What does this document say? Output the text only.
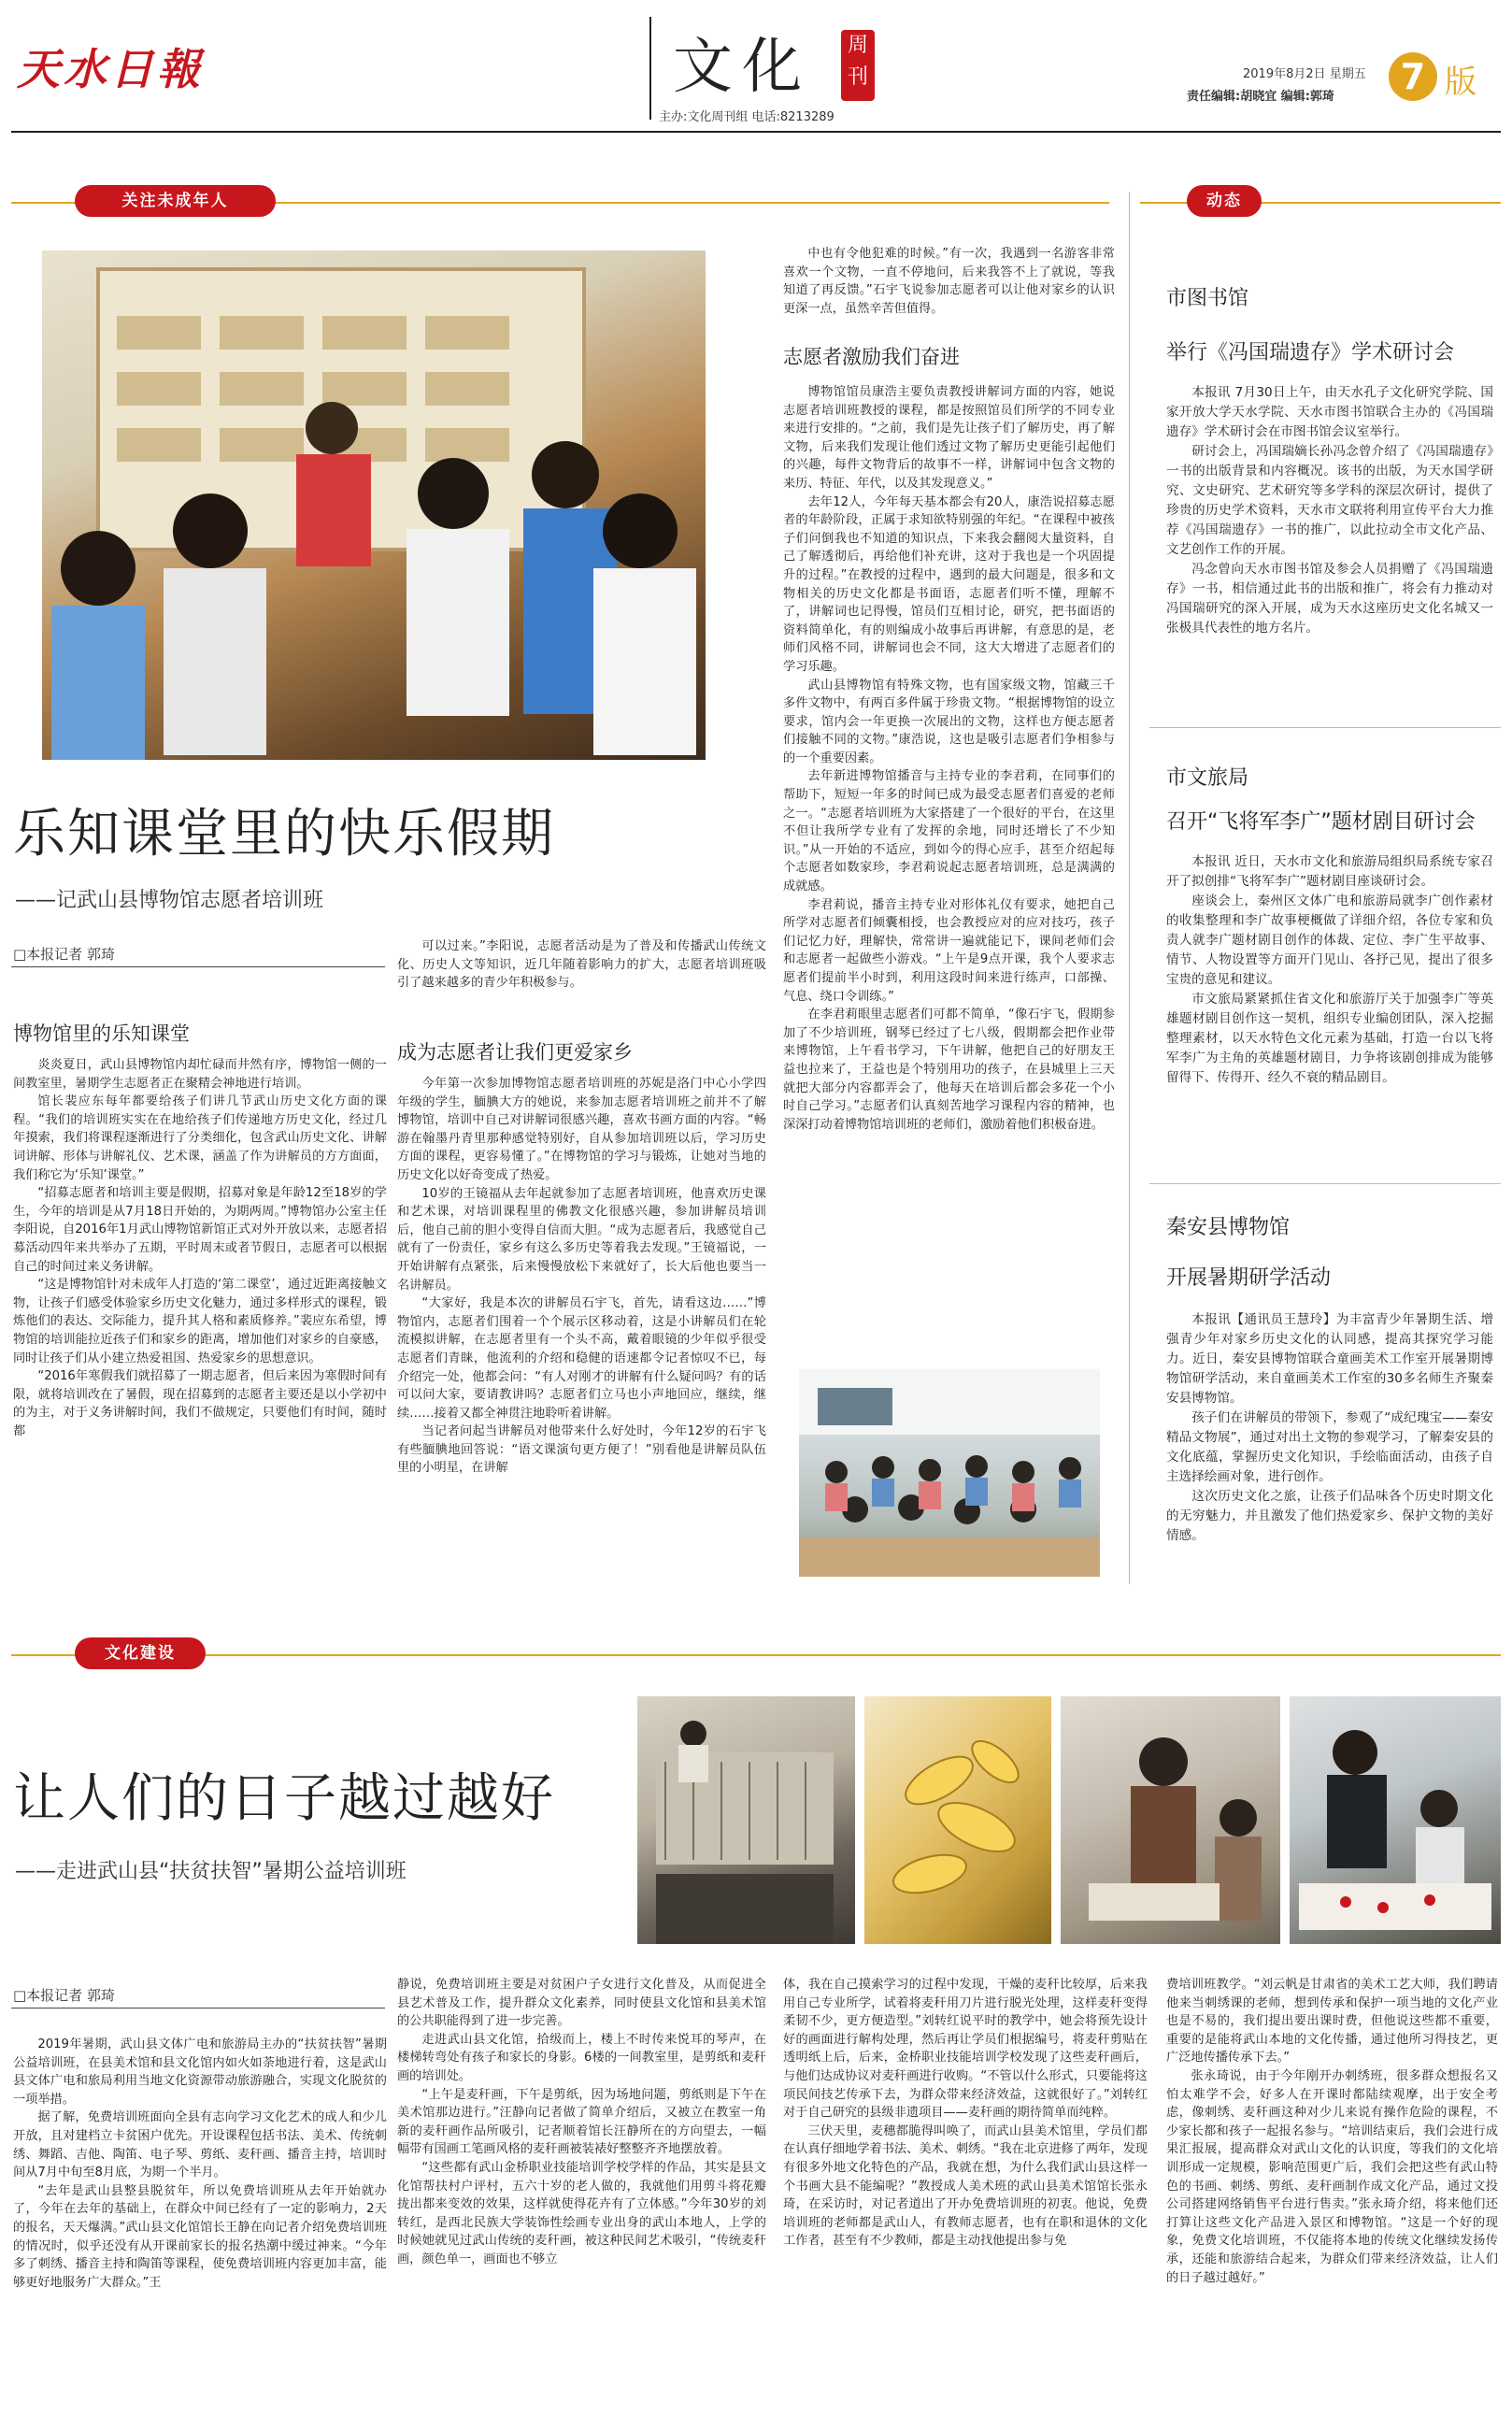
天水日報	文化	周刊
主办:文化周刊组 电话:8213289
2019年8月2日 星期五
责任编辑:胡晓宜 编辑:郭琦	7 版
关注未成年人
乐知课堂里的快乐假期
——记武山县博物馆志愿者培训班
□本报记者 郭琦
博物馆里的乐知课堂

炎炎夏日，武山县博物馆内却忙碌而井然有序，博物馆一侧的一间教室里，暑期学生志愿者正在聚精会神地进行培训。

馆长裴应东每年都要给孩子们讲几节武山历史文化方面的课程。“我们的培训班实实在在地给孩子们传递地方历史文化，经过几年摸索，我们将课程逐渐进行了分类细化，包含武山历史文化、讲解词讲解、形体与讲解礼仪、艺术课，涵盖了作为讲解员的方方面面，我们称它为‘乐知’课堂。”

“招募志愿者和培训主要是假期，招募对象是年龄12至18岁的学生，今年的培训是从7月18日开始的，为期两周。”博物馆办公室主任李阳说，自2016年1月武山博物馆新馆正式对外开放以来，志愿者招募活动四年来共举办了五期，平时周末或者节假日，志愿者可以根据自己的时间过来义务讲解。

“这是博物馆针对未成年人打造的‘第二课堂’，通过近距离接触文物，让孩子们感受体验家乡历史文化魅力，通过多样形式的课程，锻炼他们的表达、交际能力，提升其人格和素质修养。”裴应东希望，博物馆的培训能拉近孩子们和家乡的距离，增加他们对家乡的自豪感，同时让孩子们从小建立热爱祖国、热爱家乡的思想意识。

“2016年寒假我们就招募了一期志愿者，但后来因为寒假时间有限，就将培训改在了暑假，现在招募到的志愿者主要还是以小学初中的为主，对于义务讲解时间，我们不做规定，只要他们有时间，随时都

可以过来。”李阳说，志愿者活动是为了普及和传播武山传统文化、历史人文等知识，近几年随着影响力的扩大，志愿者培训班吸引了越来越多的青少年积极参与。

成为志愿者让我们更爱家乡

今年第一次参加博物馆志愿者培训班的苏妮是洛门中心小学四年级的学生，腼腆大方的她说，来参加志愿者培训班之前并不了解博物馆，培训中自己对讲解词很感兴趣，喜欢书画方面的内容。“畅游在翰墨丹青里那种感觉特别好，自从参加培训班以后，学习历史方面的课程，更容易懂了。”在博物馆的学习与锻炼，让她对当地的历史文化以好奇变成了热爱。

10岁的王镜福从去年起就参加了志愿者培训班，他喜欢历史课和艺术课，对培训课程里的佛教文化很感兴趣，参加讲解员培训后，他自己前的胆小变得自信而大胆。“成为志愿者后，我感觉自己就有了一份责任，家乡有这么多历史等着我去发现。”王镜福说，一开始讲解有点紧张，后来慢慢放松下来就好了，长大后他也要当一名讲解员。

“大家好，我是本次的讲解员石宇飞，首先，请看这边……”博物馆内，志愿者们围着一个个展示区移动着，这是小讲解员们在轮流模拟讲解，在志愿者里有一个头不高，戴着眼镜的少年似乎很受志愿者们青睐，他流利的介绍和稳健的语速都令记者惊叹不已，每介绍完一处，他都会问：“有人对刚才的讲解有什么疑问吗？有的话可以问大家，要请教讲吗？志愿者们立马也小声地回应，继续，继续……接着又都全神贯注地聆听着讲解。

当记者问起当讲解员对他带来什么好处时，今年12岁的石宇飞有些腼腆地回答说：“语文课演句更方便了！”别看他是讲解员队伍里的小明星，在讲解

中也有令他犯难的时候。”有一次，我遇到一名游客非常喜欢一个文物，一直不停地问，后来我答不上了就说，等我知道了再反馈。”石宇飞说参加志愿者可以让他对家乡的认识更深一点，虽然辛苦但值得。

志愿者激励我们奋进

博物馆馆员康浩主要负责教授讲解词方面的内容，她说志愿者培训班教授的课程，都是按照馆员们所学的不同专业来进行安排的。“之前，我们是先让孩子们了解历史，再了解文物，后来我们发现让他们透过文物了解历史更能引起他们的兴趣，每件文物背后的故事不一样，讲解词中包含文物的来历、特征、年代，以及其发现意义。”

去年12人，今年每天基本都会有20人，康浩说招募志愿者的年龄阶段，正属于求知欲特别强的年纪。“在课程中被孩子们问倒我也不知道的知识点，下来我会翻阅大量资料，自己了解透彻后，再给他们补充讲，这对于我也是一个巩固提升的过程。”在教授的过程中，遇到的最大问题是，很多和文物相关的历史文化都是书面语，志愿者们听不懂，理解不了，讲解词也记得慢，馆员们互相讨论，研究，把书面语的资料简单化，有的则编成小故事后再讲解，有意思的是，老师们风格不同，讲解词也会不同，这大大增进了志愿者们的学习乐趣。

武山县博物馆有特殊文物，也有国家级文物，馆藏三千多件文物中，有两百多件属于珍贵文物。“根据博物馆的设立要求，馆内会一年更换一次展出的文物，这样也方便志愿者们接触不同的文物。”康浩说，这也是吸引志愿者们争相参与的一个重要因素。

去年新进博物馆播音与主持专业的李君莉，在同事们的帮助下，短短一年多的时间已成为最受志愿者们喜爱的老师之一。“志愿者培训班为大家搭建了一个很好的平台，在这里不但让我所学专业有了发挥的余地，同时还增长了不少知识。”从一开始的不适应，到如今的得心应手，甚至介绍起每个志愿者如数家珍，李君莉说起志愿者培训班，总是满满的成就感。

李君莉说，播音主持专业对形体礼仪有要求，她把自己所学对志愿者们倾囊相授，也会教授应对的应对技巧，孩子们记忆力好，理解快，常常讲一遍就能记下，课间老师们会和志愿者一起做些小游戏。“上午是9点开课，我个人要求志愿者们提前半小时到，利用这段时间来进行练声，口部操、气息、绕口令训练。”

在李君莉眼里志愿者们可都不简单，“像石宇飞，假期参加了不少培训班，钢琴已经过了七八级，假期都会把作业带来博物馆，上午看书学习，下午讲解，他把自己的好朋友王益也拉来了，王益也是个特别用功的孩子，在县城里上三天就把大部分内容都弄会了，他每天在培训后都会多花一个小时自己学习。”志愿者们认真刻苦地学习课程内容的精神，也深深打动着博物馆培训班的老师们，激励着他们积极奋进。

动态
市图书馆
举行《冯国瑞遗存》学术研讨会

本报讯 7月30日上午，由天水孔子文化研究学院、国家开放大学天水学院、天水市图书馆联合主办的《冯国瑞遗存》学术研讨会在市图书馆会议室举行。

研讨会上，冯国瑞嫡长孙冯念曾介绍了《冯国瑞遗存》一书的出版背景和内容概况。该书的出版，为天水国学研究、文史研究、艺术研究等多学科的深层次研讨，提供了珍贵的历史学术资料，天水市文联将利用宣传平台大力推荐《冯国瑞遗存》一书的推广，以此拉动全市文化产品、文艺创作工作的开展。

冯念曾向天水市图书馆及参会人员捐赠了《冯国瑞遗存》一书，相信通过此书的出版和推广，将会有力推动对冯国瑞研究的深入开展，成为天水这座历史文化名城又一张极具代表性的地方名片。

市文旅局
召开“飞将军李广”题材剧目研讨会

本报讯 近日，天水市文化和旅游局组织局系统专家召开了拟创排“飞将军李广”题材剧目座谈研讨会。

座谈会上，秦州区文体广电和旅游局就李广创作素材的收集整理和李广故事梗概做了详细介绍，各位专家和负责人就李广题材剧目创作的体裁、定位、李广生平故事、情节、人物设置等方面开门见山、各抒己见，提出了很多宝贵的意见和建议。

市文旅局紧紧抓住省文化和旅游厅关于加强李广等英雄题材剧目创作这一契机，组织专业编创团队，深入挖掘整理素材，以天水特色文化元素为基础，打造一台以飞将军李广为主角的英雄题材剧目，力争将该剧创排成为能够留得下、传得开、经久不衰的精品剧目。

秦安县博物馆
开展暑期研学活动

本报讯【通讯员王慧玲】为丰富青少年暑期生活、增强青少年对家乡历史文化的认同感，提高其探究学习能力。近日，秦安县博物馆联合童画美术工作室开展暑期博物馆研学活动，来自童画美术工作室的30多名师生齐聚秦安县博物馆。

孩子们在讲解员的带领下，参观了“成纪瑰宝——秦安精品文物展”，通过对出土文物的参观学习，了解秦安县的文化底蕴，掌握历史文化知识，手绘临面活动，由孩子自主选择绘画对象，进行创作。

这次历史文化之旅，让孩子们品味各个历史时期文化的无穷魅力，并且激发了他们热爱家乡、保护文物的美好情感。

文化建设
让人们的日子越过越好
——走进武山县“扶贫扶智”暑期公益培训班
□本报记者 郭琦

2019年暑期，武山县文体广电和旅游局主办的“扶贫扶智”暑期公益培训班，在县美术馆和县文化馆内如火如荼地进行着，这是武山县文体广电和旅局利用当地文化资源带动旅游融合，实现文化脱贫的一项举措。

据了解，免费培训班面向全县有志向学习文化艺术的成人和少儿开放，且对建档立卡贫困户优先。开设课程包括书法、美术、传统刺绣、舞蹈、吉他、陶笛、电子琴、剪纸、麦秆画、播音主持，培训时间从7月中旬至8月底，为期一个半月。

“去年是武山县整县脱贫年，所以免费培训班从去年开始就办了，今年在去年的基础上，在群众中间已经有了一定的影响力，2天的报名，天天爆满。”武山县文化馆馆长王静在向记者介绍免费培训班的情况时，似乎还没有从开课前家长的报名热潮中缓过神来。“今年多了刺绣、播音主持和陶笛等课程，使免费培训班内容更加丰富，能够更好地服务广大群众。”王

静说，免费培训班主要是对贫困户子女进行文化普及，从而促进全县艺术普及工作，提升群众文化素养，同时使县文化馆和县美术馆的公共职能得到了进一步完善。

走进武山县文化馆，拾级而上，楼上不时传来悦耳的琴声，在楼梯转弯处有孩子和家长的身影。6楼的一间教室里，是剪纸和麦秆画的培训处。

“上午是麦秆画，下午是剪纸，因为场地问题，剪纸则是下午在美术馆那边进行。”汪静向记者做了简单介绍后，又被立在教室一角新的麦秆画作品所吸引，记者顺着馆长汪静所在的方向望去，一幅幅带有国画工笔画风格的麦秆画被装裱好整整齐齐地摆放着。

“这些都有武山金桥职业技能培训学校学样的作品，其实是县文化馆帮扶村户评村，五六十岁的老人做的，我就他们用剪斗将花瓣拢出都来变效的效果，这样就使得花卉有了立体感。”今年30岁的刘转红，是西北民族大学装饰性绘画专业出身的武山本地人，上学的时候她就见过武山传统的麦秆画，被这种民间艺术吸引，“传统麦秆画，颜色单一，画面也不够立

体，我在自己摸索学习的过程中发现，干燥的麦秆比较厚，后来我用自己专业所学，试着将麦秆用刀片进行脱光处理，这样麦秆变得柔韧不少，更方便造型。”刘转红说平时的教学中，她会将预先设计好的画面进行解构处理，然后再让学员们根据编号，将麦秆剪贴在透明纸上后，后来，金桥职业技能培训学校发现了这些麦秆画后，与他们达成协议对麦秆画进行收购。“不管以什么形式，只要能将这项民间技艺传承下去，为群众带来经济效益，这就很好了。”刘转红对于自己研究的县级非遗项目——麦秆画的期待简单而纯粹。

三伏天里，麦穗都脆得叫唤了，而武山县美术馆里，学员们都在认真仔细地学着书法、美术、刺绣。“我在北京进修了两年，发现有很多外地文化特色的产品，我就在想，为什么我们武山县这样一个书画大县不能编呢？”教授成人美术班的武山县美术馆馆长张永琦，在采访时，对记者道出了开办免费培训班的初衷。他说，免费培训班的老师都是武山人，有教师志愿者，也有在职和退休的文化工作者，甚至有不少教师，都是主动找他提出参与免

费培训班教学。“刘云帆是甘肃省的美术工艺大师，我们聘请他来当刺绣课的老师，想到传承和保护一项当地的文化产业也是不易的，我们提出要出课时费，但他说这些都不重要，重要的是能将武山本地的文化传播，通过他所习得技艺，更广泛地传播传承下去。”

张永琦说，由于今年刚开办刺绣班，很多群众想报名又怕太难学不会，好多人在开课时都陆续观摩，出于安全考虑，像刺绣、麦秆画这种对少儿来说有操作危险的课程，不少家长都和孩子一起报名参与。“培训结束后，我们会进行成果汇报展，提高群众对武山文化的认识度，等我们的文化培训形成一定规模，影响范围更广后，我们会把这些有武山特色的书画、刺绣、剪纸、麦秆画制作成文化产品，通过文投公司搭建网络销售平台进行售卖。”张永琦介绍，将来他们还打算让这些文化产品进入景区和博物馆。“这是一个好的现象，免费文化培训班，不仅能将本地的传统文化继续发扬传承，还能和旅游结合起来，为群众们带来经济效益，让人们的日子越过越好。”
